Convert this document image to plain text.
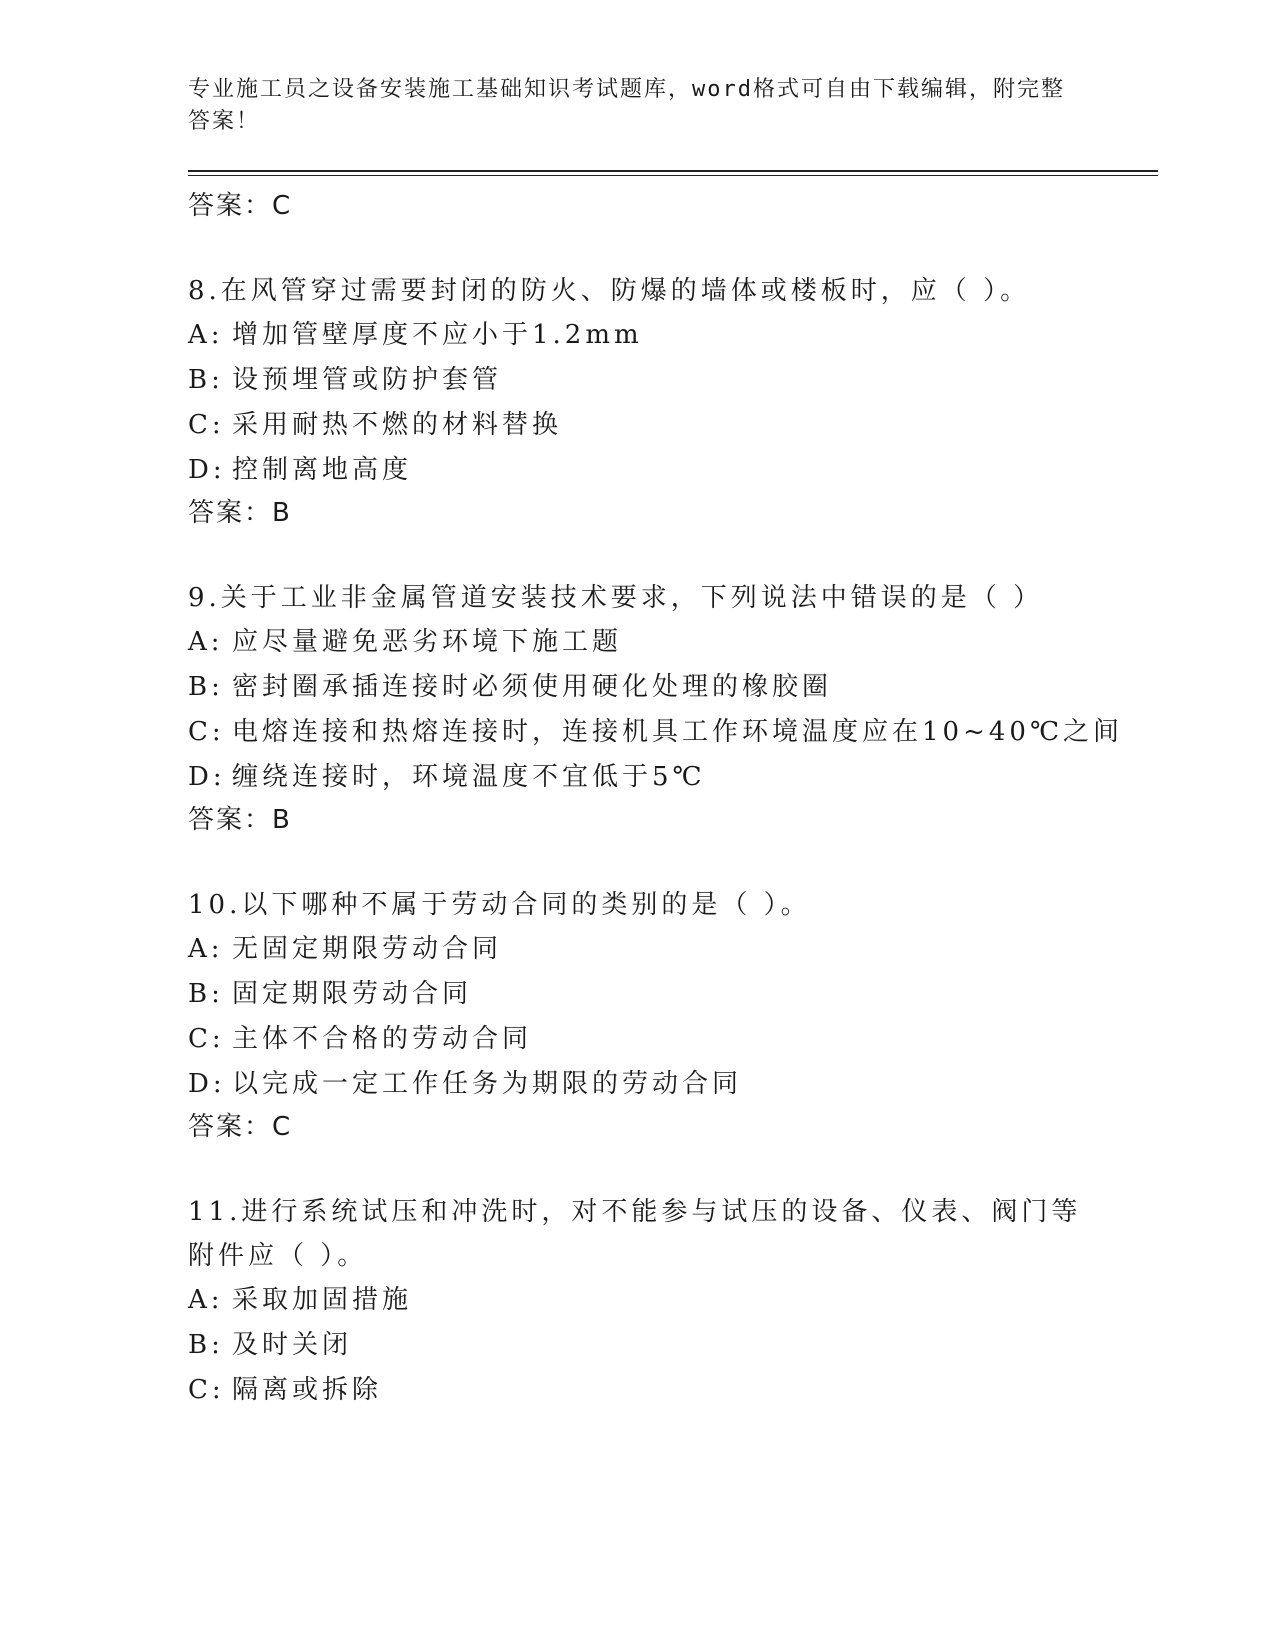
专业施工员之设备安装施工基础知识考试题库，word格式可自由下载编辑，附完整答案！

答案：C

8.在风管穿过需要封闭的防火、防爆的墙体或楼板时，应（ ）。

A: 增加管壁厚度不应小于1.2mm

B: 设预埋管或防护套管

C: 采用耐热不燃的材料替换

D: 控制离地高度

答案：B

9.关于工业非金属管道安装技术要求，下列说法中错误的是（ ）

A: 应尽量避免恶劣环境下施工题

B: 密封圈承插连接时必须使用硬化处理的橡胶圈

C: 电熔连接和热熔连接时，连接机具工作环境温度应在10~40℃之间

D: 缠绕连接时，环境温度不宜低于5℃

答案：B

10.以下哪种不属于劳动合同的类别的是（ ）。

A: 无固定期限劳动合同

B: 固定期限劳动合同

C: 主体不合格的劳动合同

D: 以完成一定工作任务为期限的劳动合同

答案：C

11.进行系统试压和冲洗时，对不能参与试压的设备、仪表、阀门等附件应（ ）。

A: 采取加固措施

B: 及时关闭

C: 隔离或拆除
